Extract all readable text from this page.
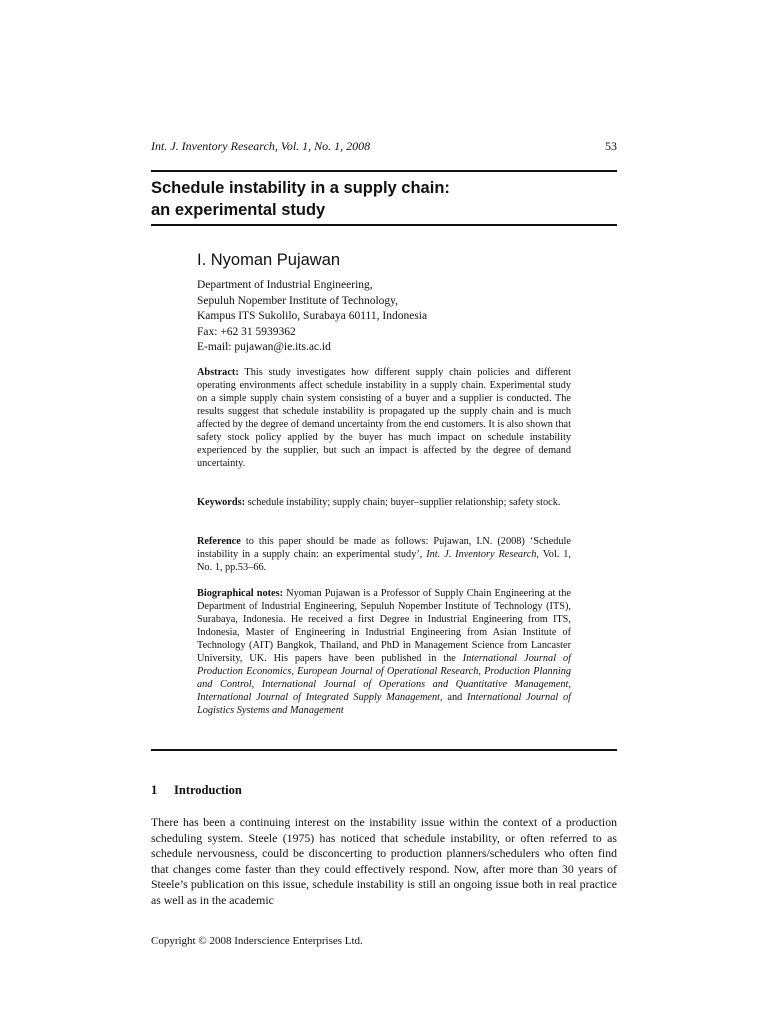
Int. J. Inventory Research, Vol. 1, No. 1, 2008	53
Schedule instability in a supply chain:
an experimental study
I. Nyoman Pujawan
Department of Industrial Engineering,
Sepuluh Nopember Institute of Technology,
Kampus ITS Sukolilo, Surabaya 60111, Indonesia
Fax: +62 31 5939362
E-mail: pujawan@ie.its.ac.id
Abstract: This study investigates how different supply chain policies and different operating environments affect schedule instability in a supply chain. Experimental study on a simple supply chain system consisting of a buyer and a supplier is conducted. The results suggest that schedule instability is propagated up the supply chain and is much affected by the degree of demand uncertainty from the end customers. It is also shown that safety stock policy applied by the buyer has much impact on schedule instability experienced by the supplier, but such an impact is affected by the degree of demand uncertainty.
Keywords: schedule instability; supply chain; buyer–supplier relationship; safety stock.
Reference to this paper should be made as follows: Pujawan, I.N. (2008) ‘Schedule instability in a supply chain: an experimental study’, Int. J. Inventory Research, Vol. 1, No. 1, pp.53–66.
Biographical notes: Nyoman Pujawan is a Professor of Supply Chain Engineering at the Department of Industrial Engineering, Sepuluh Nopember Institute of Technology (ITS), Surabaya, Indonesia. He received a first Degree in Industrial Engineering from ITS, Indonesia, Master of Engineering in Industrial Engineering from Asian Institute of Technology (AIT) Bangkok, Thailand, and PhD in Management Science from Lancaster University, UK. His papers have been published in the International Journal of Production Economics, European Journal of Operational Research, Production Planning and Control, International Journal of Operations and Quantitative Management, International Journal of Integrated Supply Management, and International Journal of Logistics Systems and Management
1 Introduction
There has been a continuing interest on the instability issue within the context of a production scheduling system. Steele (1975) has noticed that schedule instability, or often referred to as schedule nervousness, could be disconcerting to production planners/schedulers who often find that changes come faster than they could effectively respond. Now, after more than 30 years of Steele’s publication on this issue, schedule instability is still an ongoing issue both in real practice as well as in the academic
Copyright © 2008 Inderscience Enterprises Ltd.
